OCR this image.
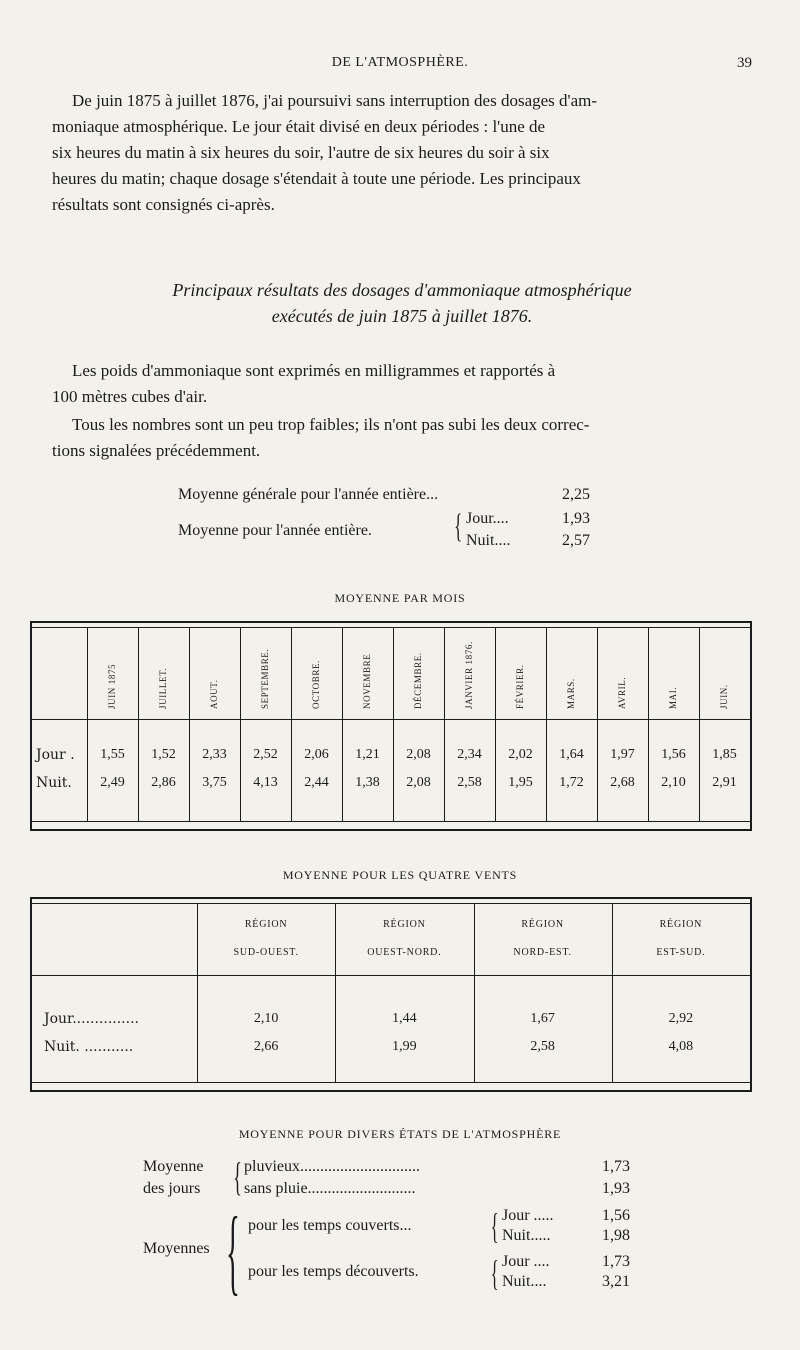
DE L'ATMOSPHÈRE.	39
De juin 1875 à juillet 1876, j'ai poursuivi sans interruption des dosages d'am-
moniaque atmosphérique. Le jour était divisé en deux périodes : l'une de
six heures du matin à six heures du soir, l'autre de six heures du soir à six
heures du matin; chaque dosage s'étendait à toute une période. Les principaux
résultats sont consignés ci-après.
Principaux résultats des dosages d'ammoniaque atmosphérique
exécutés de juin 1875 à juillet 1876.
Les poids d'ammoniaque sont exprimés en milligrammes et rapportés à
100 mètres cubes d'air.
Tous les nombres sont un peu trop faibles; ils n'ont pas subi les deux correc-
tions signalées précédemment.
Moyenne générale pour l'année entière...	2,25
Moyenne pour l'année entière. { Jour....	1,93
Nuit....	2,57
MOYENNE PAR MOIS
JUIN 1875	JUILLET.	AOUT.	SEPTEMBRE.	OCTOBRE.	NOVEMBRE	DÉCEMBRE.	JANVIER 1876.	FÉVRIER.	MARS.	AVRIL.	MAI.	JUIN.
Jour .	1,55	1,52	2,33	2,52	2,06	1,21	2,08	2,34	2,02	1,64	1,97	1,56	1,85
Nuit.	2,49	2,86	3,75	4,13	2,44	1,38	2,08	2,58	1,95	1,72	2,68	2,10	2,91
MOYENNE POUR LES QUATRE VENTS
RÉGION
SUD-OUEST.
RÉGION
OUEST-NORD.
RÉGION
NORD-EST.
RÉGION
EST-SUD.
Jour...............	2,10	1,44	1,67	2,92
Nuit. ...........	2,66	1,99	2,58	4,08
MOYENNE POUR DIVERS ÉTATS DE L'ATMOSPHÈRE
Moyenne
des jours { pluvieux..............................	1,73
sans pluie...........................	1,93
Moyennes { pour les temps couverts... { Jour .....	1,56
Nuit.....	1,98
pour les temps découverts. { Jour ....	1,73
Nuit....	3,21
